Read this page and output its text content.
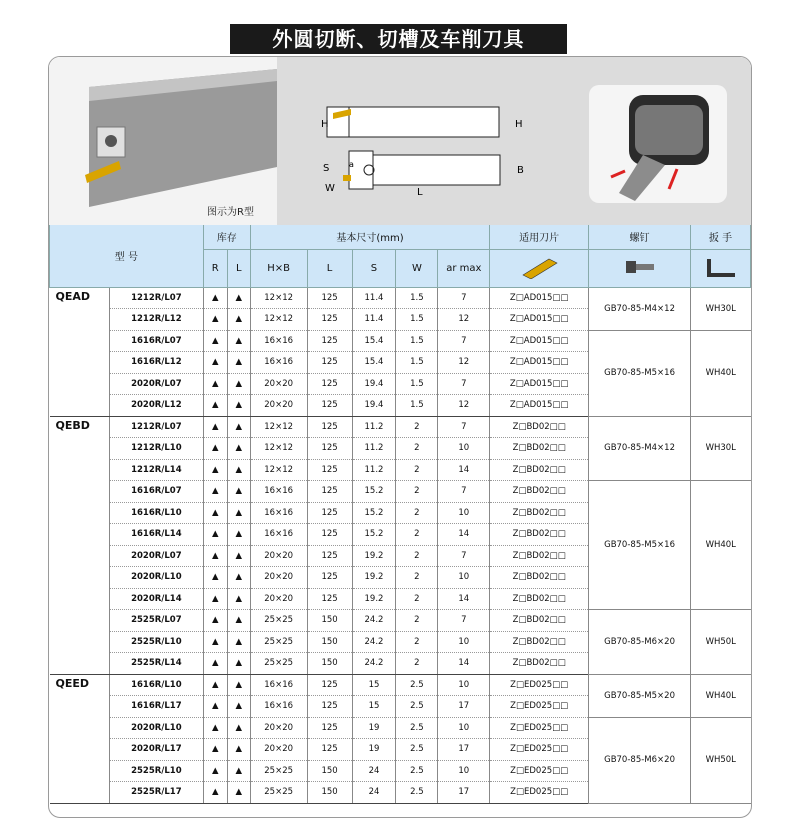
外圆切断、切槽及车削刀具
图示为R型
H	H
S a
B
W	L
型 号		库存		基本尺寸(mm)					适用刀片	螺钉	扳 手
		R	L	H×B	L	S	W	ar max			
QEAD	1212R/L07	▲	▲	12×12	125	11.4	1.5	7	Z□AD015□□	GB70-85-M4×12	WH30L
	1212R/L12	▲	▲	12×12	125	11.4	1.5	12	Z□AD015□□		
	1616R/L07	▲	▲	16×16	125	15.4	1.5	7	Z□AD015□□	GB70-85-M5×16	WH40L
	1616R/L12	▲	▲	16×16	125	15.4	1.5	12	Z□AD015□□		
	2020R/L07	▲	▲	20×20	125	19.4	1.5	7	Z□AD015□□		
	2020R/L12	▲	▲	20×20	125	19.4	1.5	12	Z□AD015□□		
QEBD	1212R/L07	▲	▲	12×12	125	11.2	2	7	Z□BD02□□	GB70-85-M4×12	WH30L
	1212R/L10	▲	▲	12×12	125	11.2	2	10	Z□BD02□□		
	1212R/L14	▲	▲	12×12	125	11.2	2	14	Z□BD02□□		
	1616R/L07	▲	▲	16×16	125	15.2	2	7	Z□BD02□□	GB70-85-M5×16	WH40L
	1616R/L10	▲	▲	16×16	125	15.2	2	10	Z□BD02□□		
	1616R/L14	▲	▲	16×16	125	15.2	2	14	Z□BD02□□		
	2020R/L07	▲	▲	20×20	125	19.2	2	7	Z□BD02□□		
	2020R/L10	▲	▲	20×20	125	19.2	2	10	Z□BD02□□		
	2020R/L14	▲	▲	20×20	125	19.2	2	14	Z□BD02□□		
	2525R/L07	▲	▲	25×25	150	24.2	2	7	Z□BD02□□	GB70-85-M6×20	WH50L
	2525R/L10	▲	▲	25×25	150	24.2	2	10	Z□BD02□□		
	2525R/L14	▲	▲	25×25	150	24.2	2	14	Z□BD02□□		
QEED	1616R/L10	▲	▲	16×16	125	15	2.5	10	Z□ED025□□	GB70-85-M5×20	WH40L
	1616R/L17	▲	▲	16×16	125	15	2.5	17	Z□ED025□□		
	2020R/L10	▲	▲	20×20	125	19	2.5	10	Z□ED025□□	GB70-85-M6×20	WH50L
	2020R/L17	▲	▲	20×20	125	19	2.5	17	Z□ED025□□		
	2525R/L10	▲	▲	25×25	150	24	2.5	10	Z□ED025□□		
	2525R/L17	▲	▲	25×25	150	24	2.5	17	Z□ED025□□		
